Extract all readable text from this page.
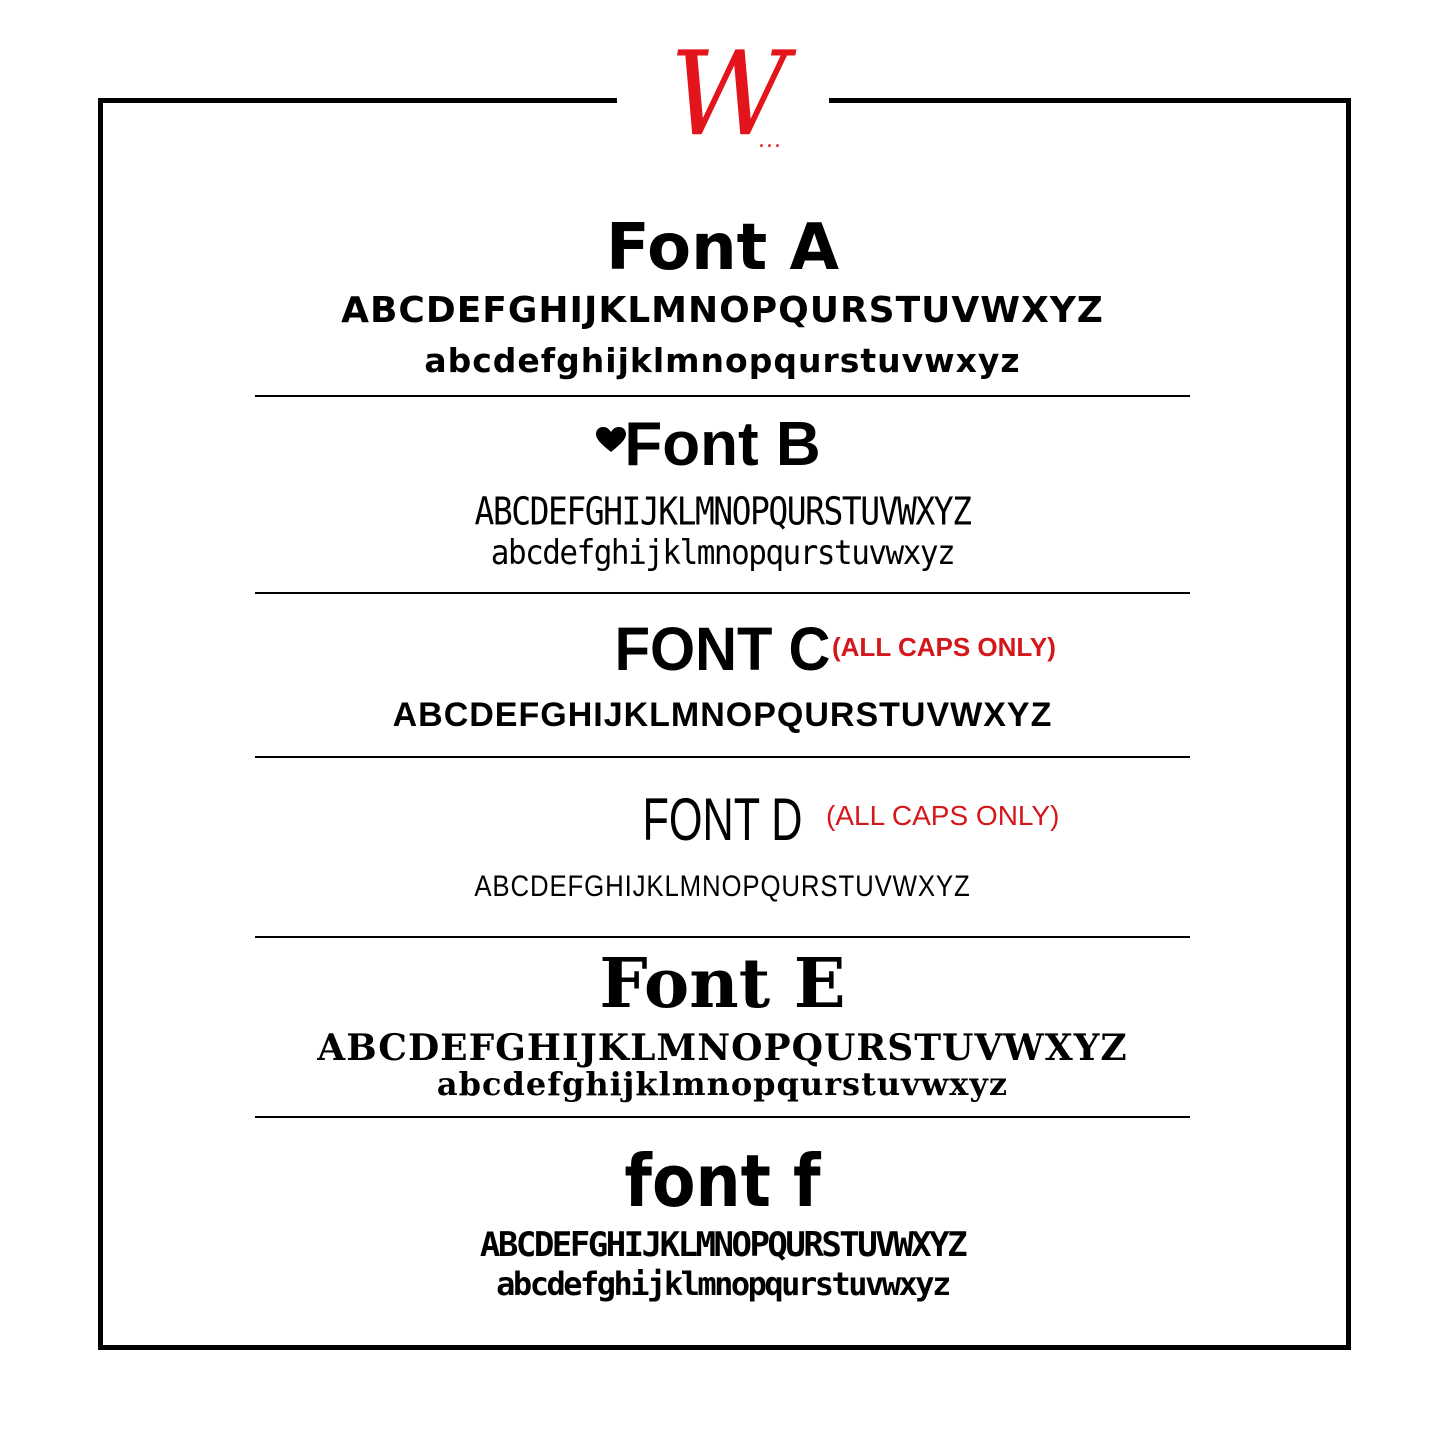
W
...
Font A
ABCDEFGHIJKLMNOPQURSTUVWXYZ
abcdefghijklmnopqurstuvwxyz
Font B
ABCDEFGHIJKLMNOPQURSTUVWXYZ
abcdefghijklmnopqurstuvwxyz
FONT C (ALL CAPS ONLY)
ABCDEFGHIJKLMNOPQURSTUVWXYZ
FONT D (ALL CAPS ONLY)
ABCDEFGHIJKLMNOPQURSTUVWXYZ
Font E
ABCDEFGHIJKLMNOPQURSTUVWXYZ
abcdefghijklmnopqurstuvwxyz
font f
ABCDEFGHIJKLMNOPQURSTUVWXYZ
abcdefghijklmnopqurstuvwxyz
